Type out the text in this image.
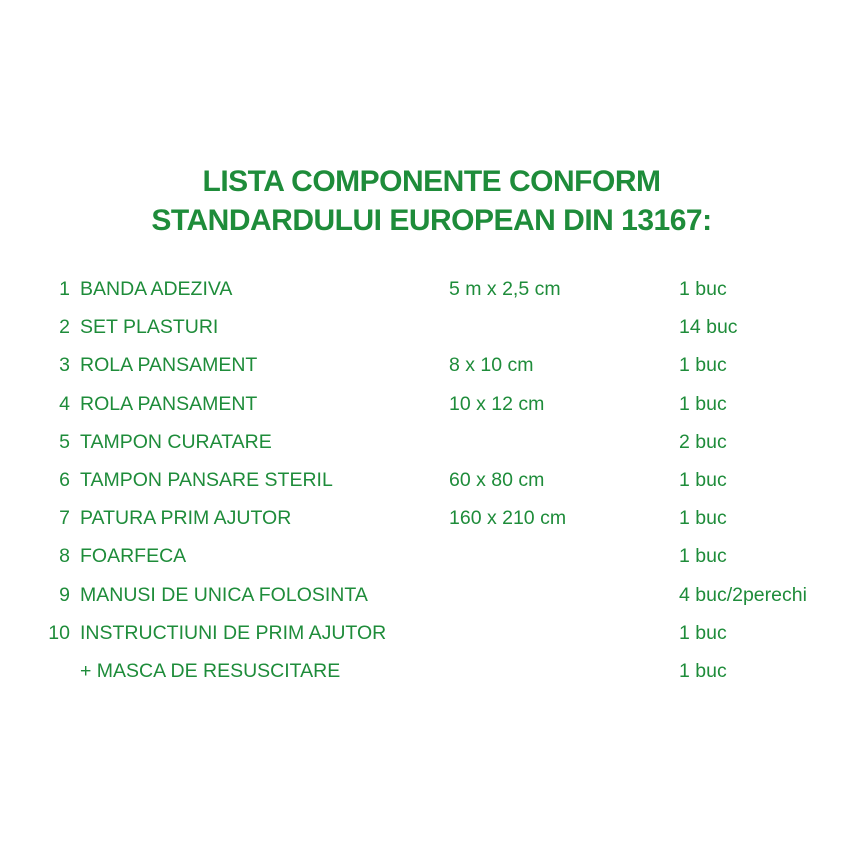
LISTA COMPONENTE CONFORM
STANDARDULUI EUROPEAN DIN 13167:
1 BANDA ADEZIVA	5 m x 2,5 cm	1 buc
2 SET PLASTURI	14 buc
3 ROLA PANSAMENT	8 x 10 cm	1 buc
4 ROLA PANSAMENT	10 x 12 cm	1 buc
5 TAMPON CURATARE	2 buc
6 TAMPON PANSARE STERIL	60 x 80 cm	1 buc
7 PATURA PRIM AJUTOR	160 x 210 cm	1 buc
8 FOARFECA	1 buc
9 MANUSI DE UNICA FOLOSINTA	4 buc/2perechi
10 INSTRUCTIUNI DE PRIM AJUTOR	1 buc
+ MASCA DE RESUSCITARE	1 buc
